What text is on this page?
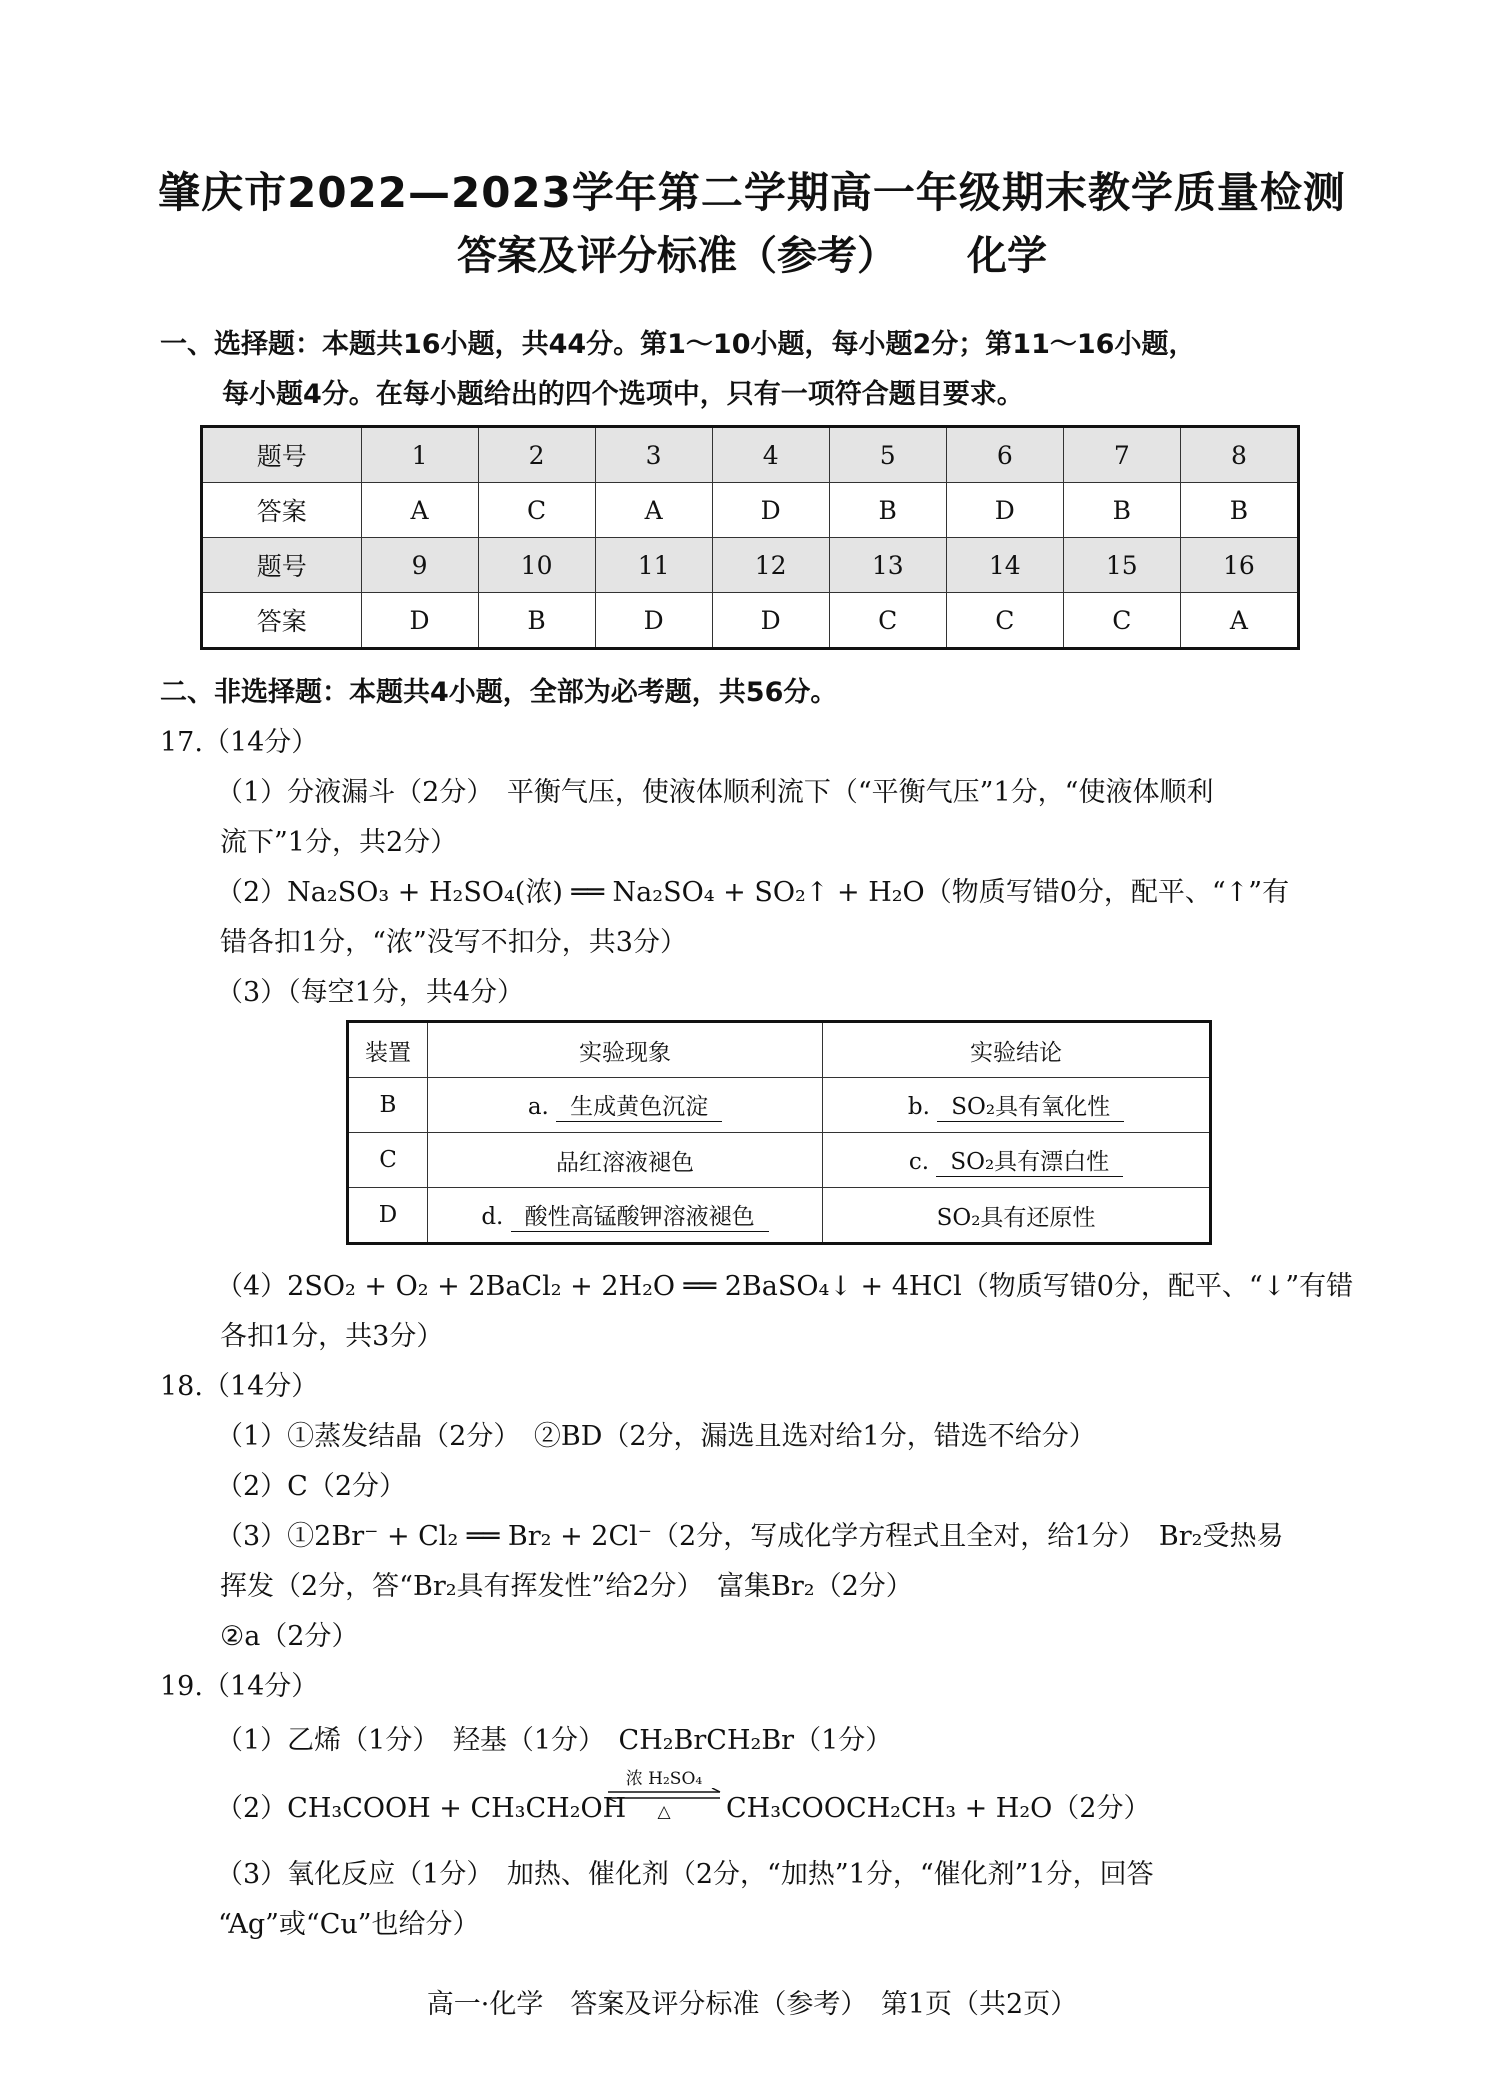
肇庆市2022—2023学年第二学期高一年级期末教学质量检测
答案及评分标准（参考） 化学
一、选择题：本题共16小题，共44分。第1～10小题，每小题2分；第11～16小题，
每小题4分。在每小题给出的四个选项中，只有一项符合题目要求。
题号	1	2	3	4	5	6	7	8
答案	A	C	A	D	B	D	B	B
题号	9	10	11	12	13	14	15	16
答案	D	B	D	D	C	C	C	A
二、非选择题：本题共4小题，全部为必考题，共56分。
17.（14分）
（1）分液漏斗（2分）　平衡气压，使液体顺利流下（“平衡气压”1分，“使液体顺利
流下”1分，共2分）
（2）Na₂SO₃ + H₂SO₄(浓) ══ Na₂SO₄ + SO₂↑ + H₂O（物质写错0分，配平、“↑”有
错各扣1分，“浓”没写不扣分，共3分）
（3）（每空1分，共4分）
装置	实验现象	实验结论
B	a. 生成黄色沉淀	b. SO₂具有氧化性
C	品红溶液褪色	c. SO₂具有漂白性
D	d. 酸性高锰酸钾溶液褪色	SO₂具有还原性
（4）2SO₂ + O₂ + 2BaCl₂ + 2H₂O ══ 2BaSO₄↓ + 4HCl（物质写错0分，配平、“↓”有错
各扣1分，共3分）
18.（14分）
（1）①蒸发结晶（2分）　②BD（2分，漏选且选对给1分，错选不给分）
（2）C（2分）
（3）①2Br⁻ + Cl₂ ══ Br₂ + 2Cl⁻（2分，写成化学方程式且全对，给1分）　Br₂受热易
挥发（2分，答“Br₂具有挥发性”给2分）　富集Br₂（2分）
②a（2分）
19.（14分）
（1）乙烯（1分）　羟基（1分）　CH₂BrCH₂Br（1分）
（2）CH₃COOH + CH₃CH₂OH
浓 H₂SO₄
△	CH₃COOCH₂CH₃ + H₂O（2分）
（3）氧化反应（1分）　加热、催化剂（2分，“加热”1分，“催化剂”1分，回答
“Ag”或“Cu”也给分）
高一·化学　答案及评分标准（参考）　第1页（共2页）
